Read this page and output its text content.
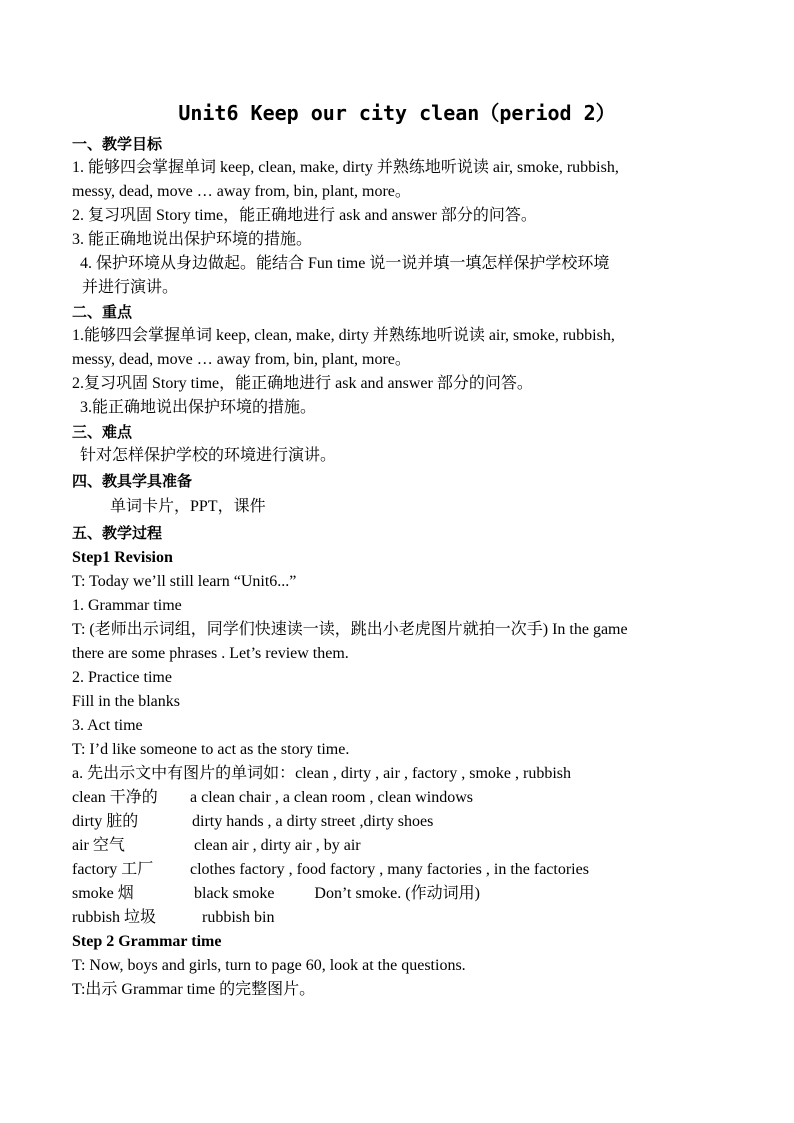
Unit6 Keep our city clean（period 2）
一、教学目标
1. 能够四会掌握单词 keep, clean, make, dirty 并熟练地听说读 air, smoke, rubbish,
messy, dead, move … away from, bin, plant, more。
2. 复习巩固 Story time，能正确地进行 ask and answer 部分的问答。
3. 能正确地说出保护环境的措施。
4. 保护环境从身边做起。能结合 Fun time 说一说并填一填怎样保护学校环境
并进行演讲。
二、重点
1.能够四会掌握单词 keep, clean, make, dirty 并熟练地听说读 air, smoke, rubbish,
messy, dead, move … away from, bin, plant, more。
2.复习巩固 Story time，能正确地进行 ask and answer 部分的问答。
3.能正确地说出保护环境的措施。
三、难点
针对怎样保护学校的环境进行演讲。
四、教具学具准备
单词卡片，PPT，课件
五、教学过程
Step1 Revision
T: Today we’ll still learn “Unit6...”
1. Grammar time
T: (老师出示词组，同学们快速读一读，跳出小老虎图片就拍一次手) In the game
there are some phrases . Let’s review them.
2. Practice time
Fill in the blanks
3. Act time
T: I’d like someone to act as the story time.
a. 先出示文中有图片的单词如：clean , dirty , air , factory , smoke , rubbish
clean 干净的 a clean chair , a clean room , clean windows
dirty 脏的	dirty hands , a dirty street ,dirty shoes
air 空气	clean air , dirty air , by air
factory 工厂 clothes factory , food factory , many factories , in the factories
smoke 烟	black smoke	Don’t smoke. (作动词用)
rubbish 垃圾	rubbish bin
Step 2 Grammar time
T: Now, boys and girls, turn to page 60, look at the questions.
T:出示 Grammar time 的完整图片。
